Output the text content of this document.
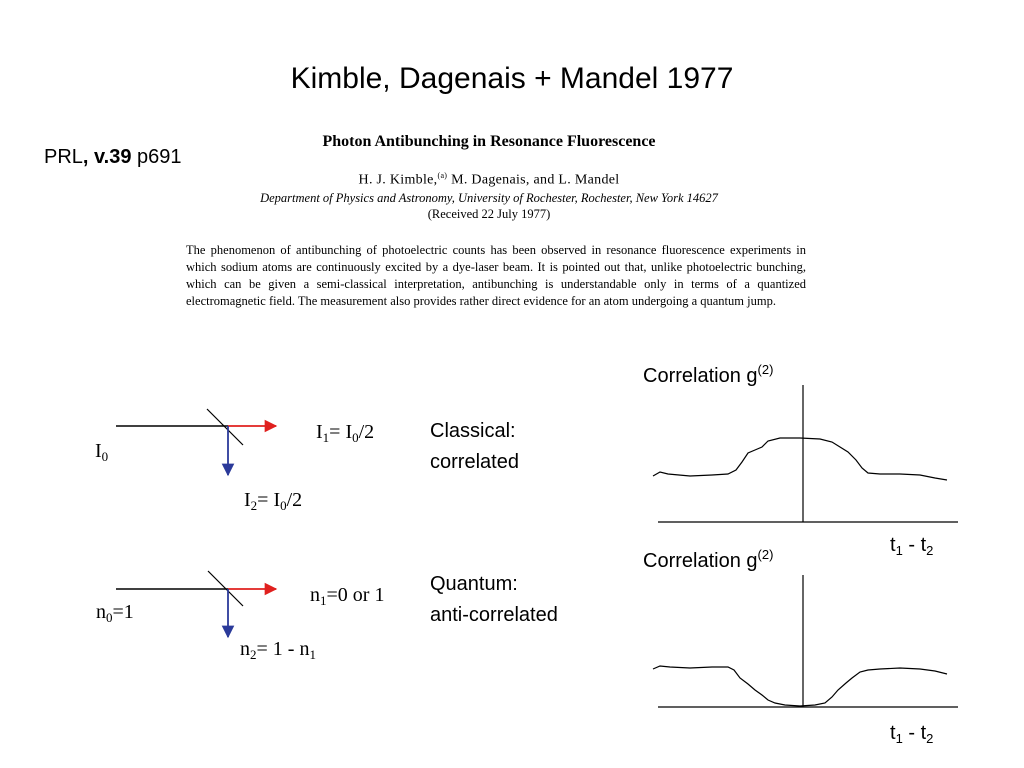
Kimble, Dagenais + Mandel 1977
PRL, v.39 p691
Photon Antibunching in Resonance Fluorescence
H. J. Kimble,$^{(a)}$ M. Dagenais, and L. Mandel
Department of Physics and Astronomy, University of Rochester, Rochester, New York 14627
(Received 22 July 1977)
The phenomenon of antibunching of photoelectric counts has been observed in resonance fluorescence experiments in which sodium atoms are continuously excited by a dye-laser beam. It is pointed out that, unlike photoelectric bunching, which can be given a semi-classical interpretation, antibunching is understandable only in terms of a quantized electromagnetic field. The measurement also provides rather direct evidence for an atom undergoing a quantum jump.
$I_0$
$I_1= I_0/2$
$I_2= I_0/2$
Classical:
correlated
$n_0=1$
$n_1=0$ or 1
$n_2= 1 - n_1$
Quantum:
anti-correlated
Correlation $g^{(2)}$
$t_1 - t_2$
Correlation $g^{(2)}$
$t_1 - t_2$
